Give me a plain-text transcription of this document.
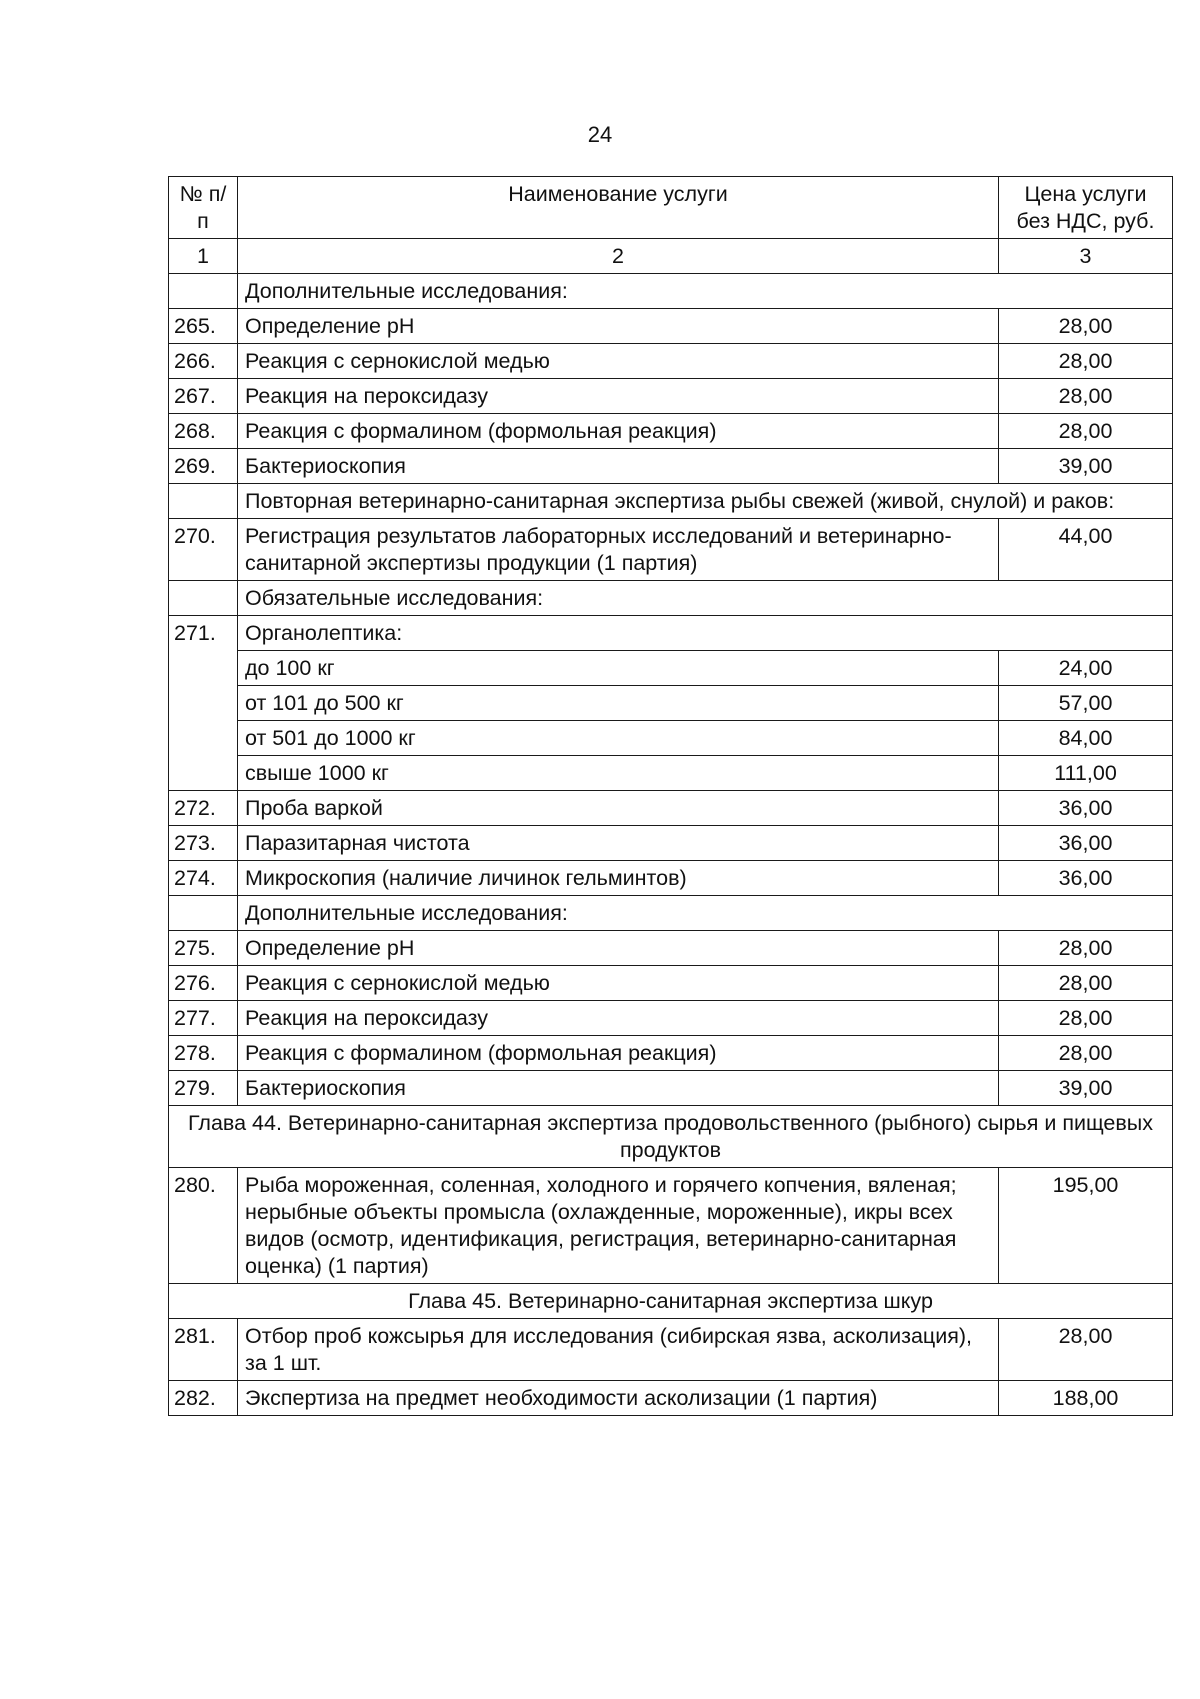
24
№ п/п	Наименование услуги	Цена услуги без НДС, руб.
1	2	3
	Дополнительные исследования:	
265.	Определение рН	28,00
266.	Реакция с сернокислой медью	28,00
267.	Реакция на пероксидазу	28,00
268.	Реакция с формалином (формольная реакция)	28,00
269.	Бактериоскопия	39,00
	Повторная ветеринарно-санитарная экспертиза рыбы свежей (живой, снулой) и раков:	
270.	Регистрация результатов лабораторных исследований и ветеринарно-санитарной экспертизы продукции (1 партия)	44,00
	Обязательные исследования:	
271.	Органолептика:	
	до 100 кг	24,00
	от 101 до 500 кг	57,00
	от 501 до 1000 кг	84,00
	свыше 1000 кг	111,00
272.	Проба варкой	36,00
273.	Паразитарная чистота	36,00
274.	Микроскопия (наличие личинок гельминтов)	36,00
	Дополнительные исследования:	
275.	Определение рН	28,00
276.	Реакция с сернокислой медью	28,00
277.	Реакция на пероксидазу	28,00
278.	Реакция с формалином (формольная реакция)	28,00
279.	Бактериоскопия	39,00
Глава 44. Ветеринарно-санитарная экспертиза продовольственного (рыбного) сырья и пищевых продуктов		
280.	Рыба мороженная, соленная, холодного и горячего копчения, вяленая; нерыбные объекты промысла (охлажденные, мороженные), икры всех видов (осмотр, идентификация, регистрация, ветеринарно-санитарная оценка) (1 партия)	195,00
Глава 45. Ветеринарно-санитарная экспертиза шкур		
281.	Отбор проб кожсырья для исследования (сибирская язва, асколизация), за 1 шт.	28,00
282.	Экспертиза на предмет необходимости асколизации (1 партия)	188,00
